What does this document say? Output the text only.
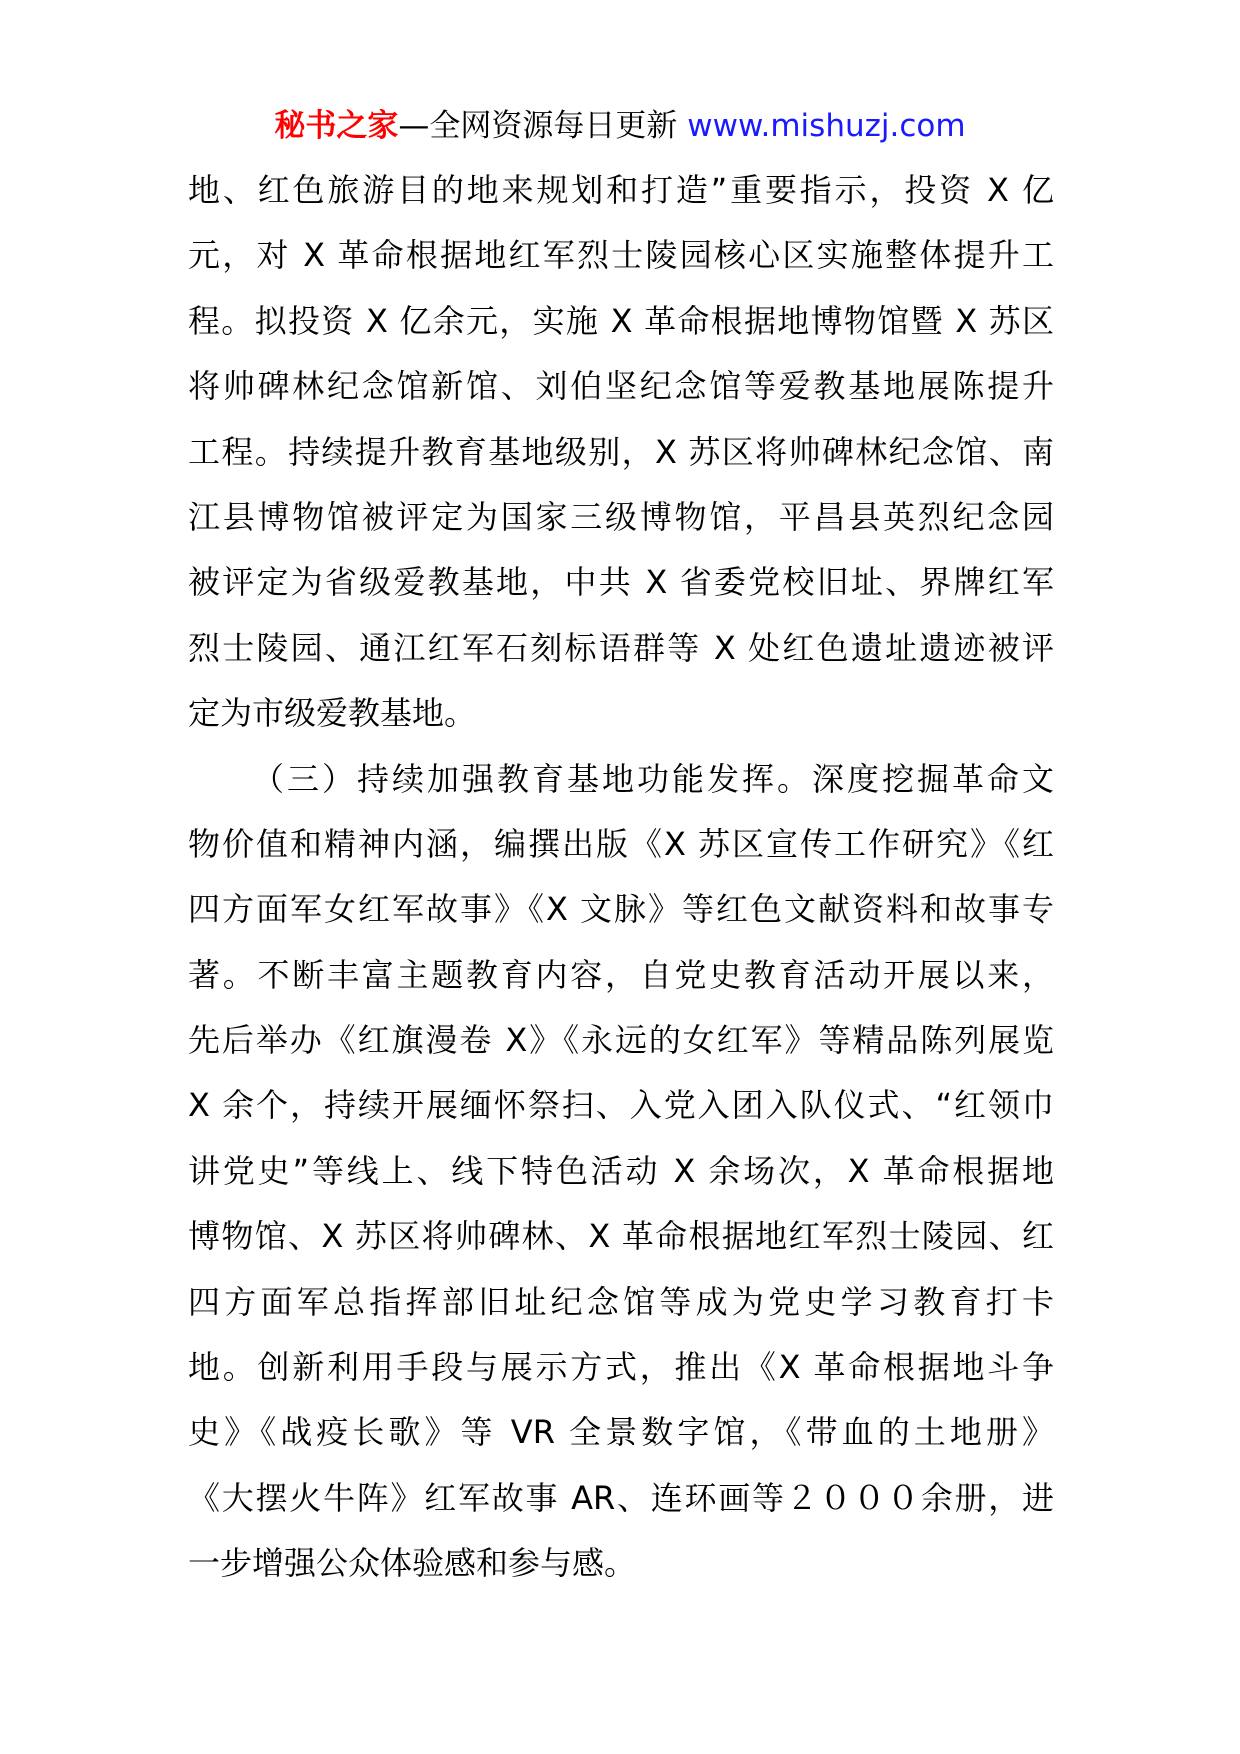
秘书之家—全网资源每日更新 www.mishuzj.com
地、红色旅游目的地来规划和打造”重要指示，投资 X 亿
元，对 X 革命根据地红军烈士陵园核心区实施整体提升工
程。拟投资 X 亿余元，实施 X 革命根据地博物馆暨 X 苏区
将帅碑林纪念馆新馆、刘伯坚纪念馆等爱教基地展陈提升
工程。持续提升教育基地级别，X 苏区将帅碑林纪念馆、南
江县博物馆被评定为国家三级博物馆，平昌县英烈纪念园
被评定为省级爱教基地，中共 X 省委党校旧址、界牌红军
烈士陵园、通江红军石刻标语群等 X 处红色遗址遗迹被评
定为市级爱教基地。
（三）持续加强教育基地功能发挥。深度挖掘革命文
物价值和精神内涵，编撰出版《X 苏区宣传工作研究》《红
四方面军女红军故事》《X 文脉》等红色文献资料和故事专
著。不断丰富主题教育内容，自党史教育活动开展以来，
先后举办《红旗漫卷 X》《永远的女红军》等精品陈列展览
X 余个，持续开展缅怀祭扫、入党入团入队仪式、“红领巾
讲党史”等线上、线下特色活动 X 余场次，X 革命根据地
博物馆、X 苏区将帅碑林、X 革命根据地红军烈士陵园、红
四方面军总指挥部旧址纪念馆等成为党史学习教育打卡
地。创新利用手段与展示方式，推出《X 革命根据地斗争
史》《战疫长歌》等 VR 全景数字馆，《带血的土地册》
《大摆火牛阵》红军故事 AR、连环画等２０００余册，进
一步增强公众体验感和参与感。
